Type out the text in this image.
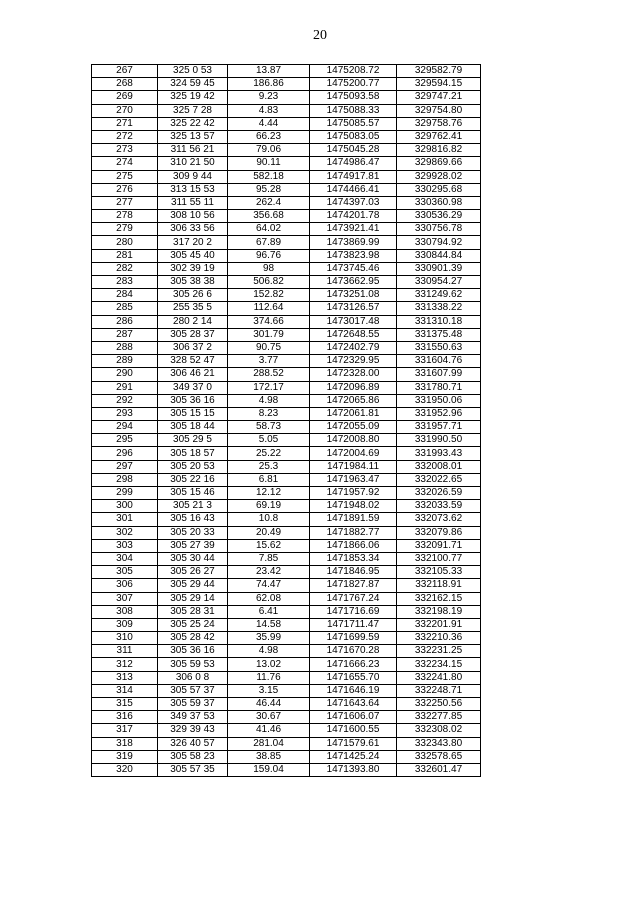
20
267	325 0 53	13.87	1475208.72	329582.79
268	324 59 45	186.86	1475200.77	329594.15
269	325 19 42	9.23	1475093.58	329747.21
270	325 7 28	4.83	1475088.33	329754.80
271	325 22 42	4.44	1475085.57	329758.76
272	325 13 57	66.23	1475083.05	329762.41
273	311 56 21	79.06	1475045.28	329816.82
274	310 21 50	90.11	1474986.47	329869.66
275	309 9 44	582.18	1474917.81	329928.02
276	313 15 53	95.28	1474466.41	330295.68
277	311 55 11	262.4	1474397.03	330360.98
278	308 10 56	356.68	1474201.78	330536.29
279	306 33 56	64.02	1473921.41	330756.78
280	317 20 2	67.89	1473869.99	330794.92
281	305 45 40	96.76	1473823.98	330844.84
282	302 39 19	98	1473745.46	330901.39
283	305 38 38	506.82	1473662.95	330954.27
284	305 26 6	152.82	1473251.08	331249.62
285	255 35 5	112.64	1473126.57	331338.22
286	280 2 14	374.66	1473017.48	331310.18
287	305 28 37	301.79	1472648.55	331375.48
288	306 37 2	90.75	1472402.79	331550.63
289	328 52 47	3.77	1472329.95	331604.76
290	306 46 21	288.52	1472328.00	331607.99
291	349 37 0	172.17	1472096.89	331780.71
292	305 36 16	4.98	1472065.86	331950.06
293	305 15 15	8.23	1472061.81	331952.96
294	305 18 44	58.73	1472055.09	331957.71
295	305 29 5	5.05	1472008.80	331990.50
296	305 18 57	25.22	1472004.69	331993.43
297	305 20 53	25.3	1471984.11	332008.01
298	305 22 16	6.81	1471963.47	332022.65
299	305 15 46	12.12	1471957.92	332026.59
300	305 21 3	69.19	1471948.02	332033.59
301	305 16 43	10.8	1471891.59	332073.62
302	305 20 33	20.49	1471882.77	332079.86
303	305 27 39	15.62	1471866.06	332091.71
304	305 30 44	7.85	1471853.34	332100.77
305	305 26 27	23.42	1471846.95	332105.33
306	305 29 44	74.47	1471827.87	332118.91
307	305 29 14	62.08	1471767.24	332162.15
308	305 28 31	6.41	1471716.69	332198.19
309	305 25 24	14.58	1471711.47	332201.91
310	305 28 42	35.99	1471699.59	332210.36
311	305 36 16	4.98	1471670.28	332231.25
312	305 59 53	13.02	1471666.23	332234.15
313	306 0 8	11.76	1471655.70	332241.80
314	305 57 37	3.15	1471646.19	332248.71
315	305 59 37	46.44	1471643.64	332250.56
316	349 37 53	30.67	1471606.07	332277.85
317	329 39 43	41.46	1471600.55	332308.02
318	326 40 57	281.04	1471579.61	332343.80
319	305 58 23	38.85	1471425.24	332578.65
320	305 57 35	159.04	1471393.80	332601.47
